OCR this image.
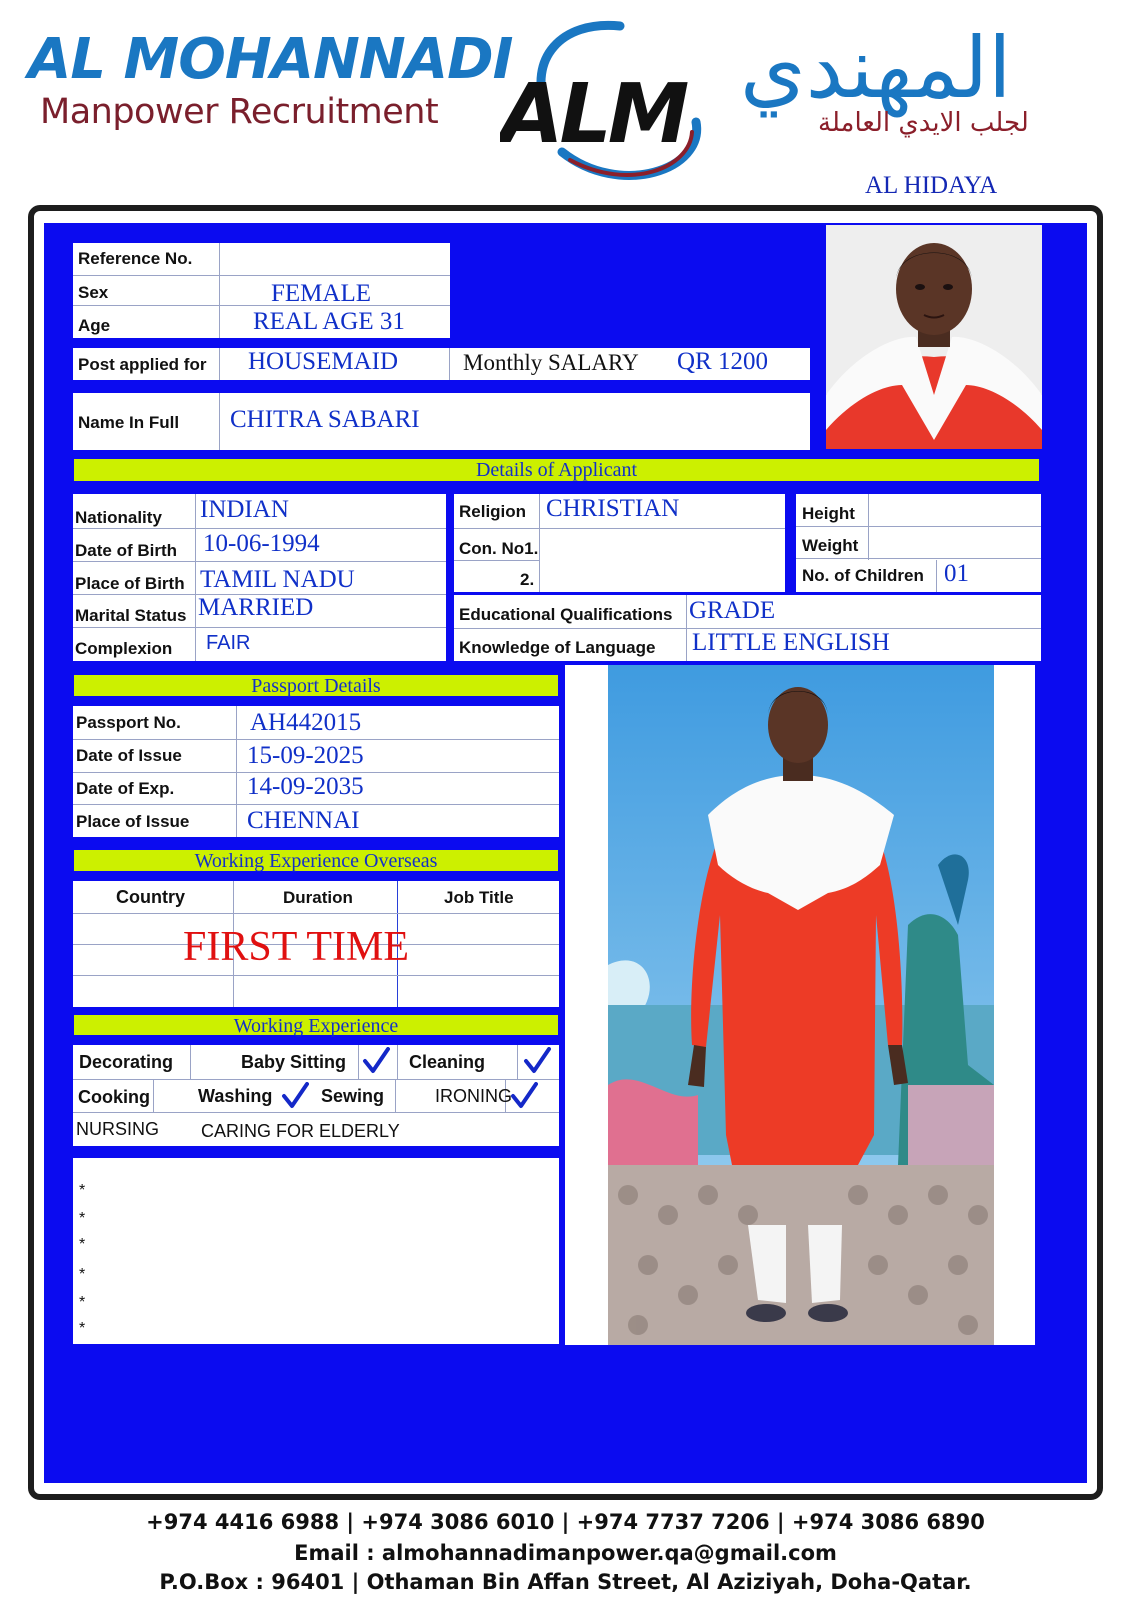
AL MOHANNADI
Manpower Recruitment ALM المهندي
لجلب الايدي العاملة
AL HIDAYA
Reference No.
Sex	FEMALE
Age	REAL AGE 31
Post applied for HOUSEMAID	Monthly SALARY QR 1200
Name In Full CHITRA SABARI
Details of Applicant
Nationality INDIAN
Date of Birth 10-06-1994
Place of Birth TAMIL NADU
Marital Status MARRIED
Complexion FAIR
Religion CHRISTIAN
Con. No1.
2.
Height
Weight
No. of Children 01
Educational Qualifications GRADE
Knowledge of Language LITTLE ENGLISH
Passport Details
Passport No.	AH442015
Date of Issue	15-09-2025
Date of Exp.	14-09-2035
Place of Issue CHENNAI
Working Experience Overseas
Country	Duration	Job Title
FIRST TIME
Working Experience
Decorating	Baby Sitting	Cleaning
Cooking	Washing	Sewing	IRONING
NURSING CARING FOR ELDERLY
*
*
*
*
*
*
+974 4416 6988 | +974 3086 6010 | +974 7737 7206 | +974 3086 6890
Email : almohannadimanpower.qa@gmail.com
P.O.Box : 96401 | Othaman Bin Affan Street, Al Aziziyah, Doha-Qatar.
